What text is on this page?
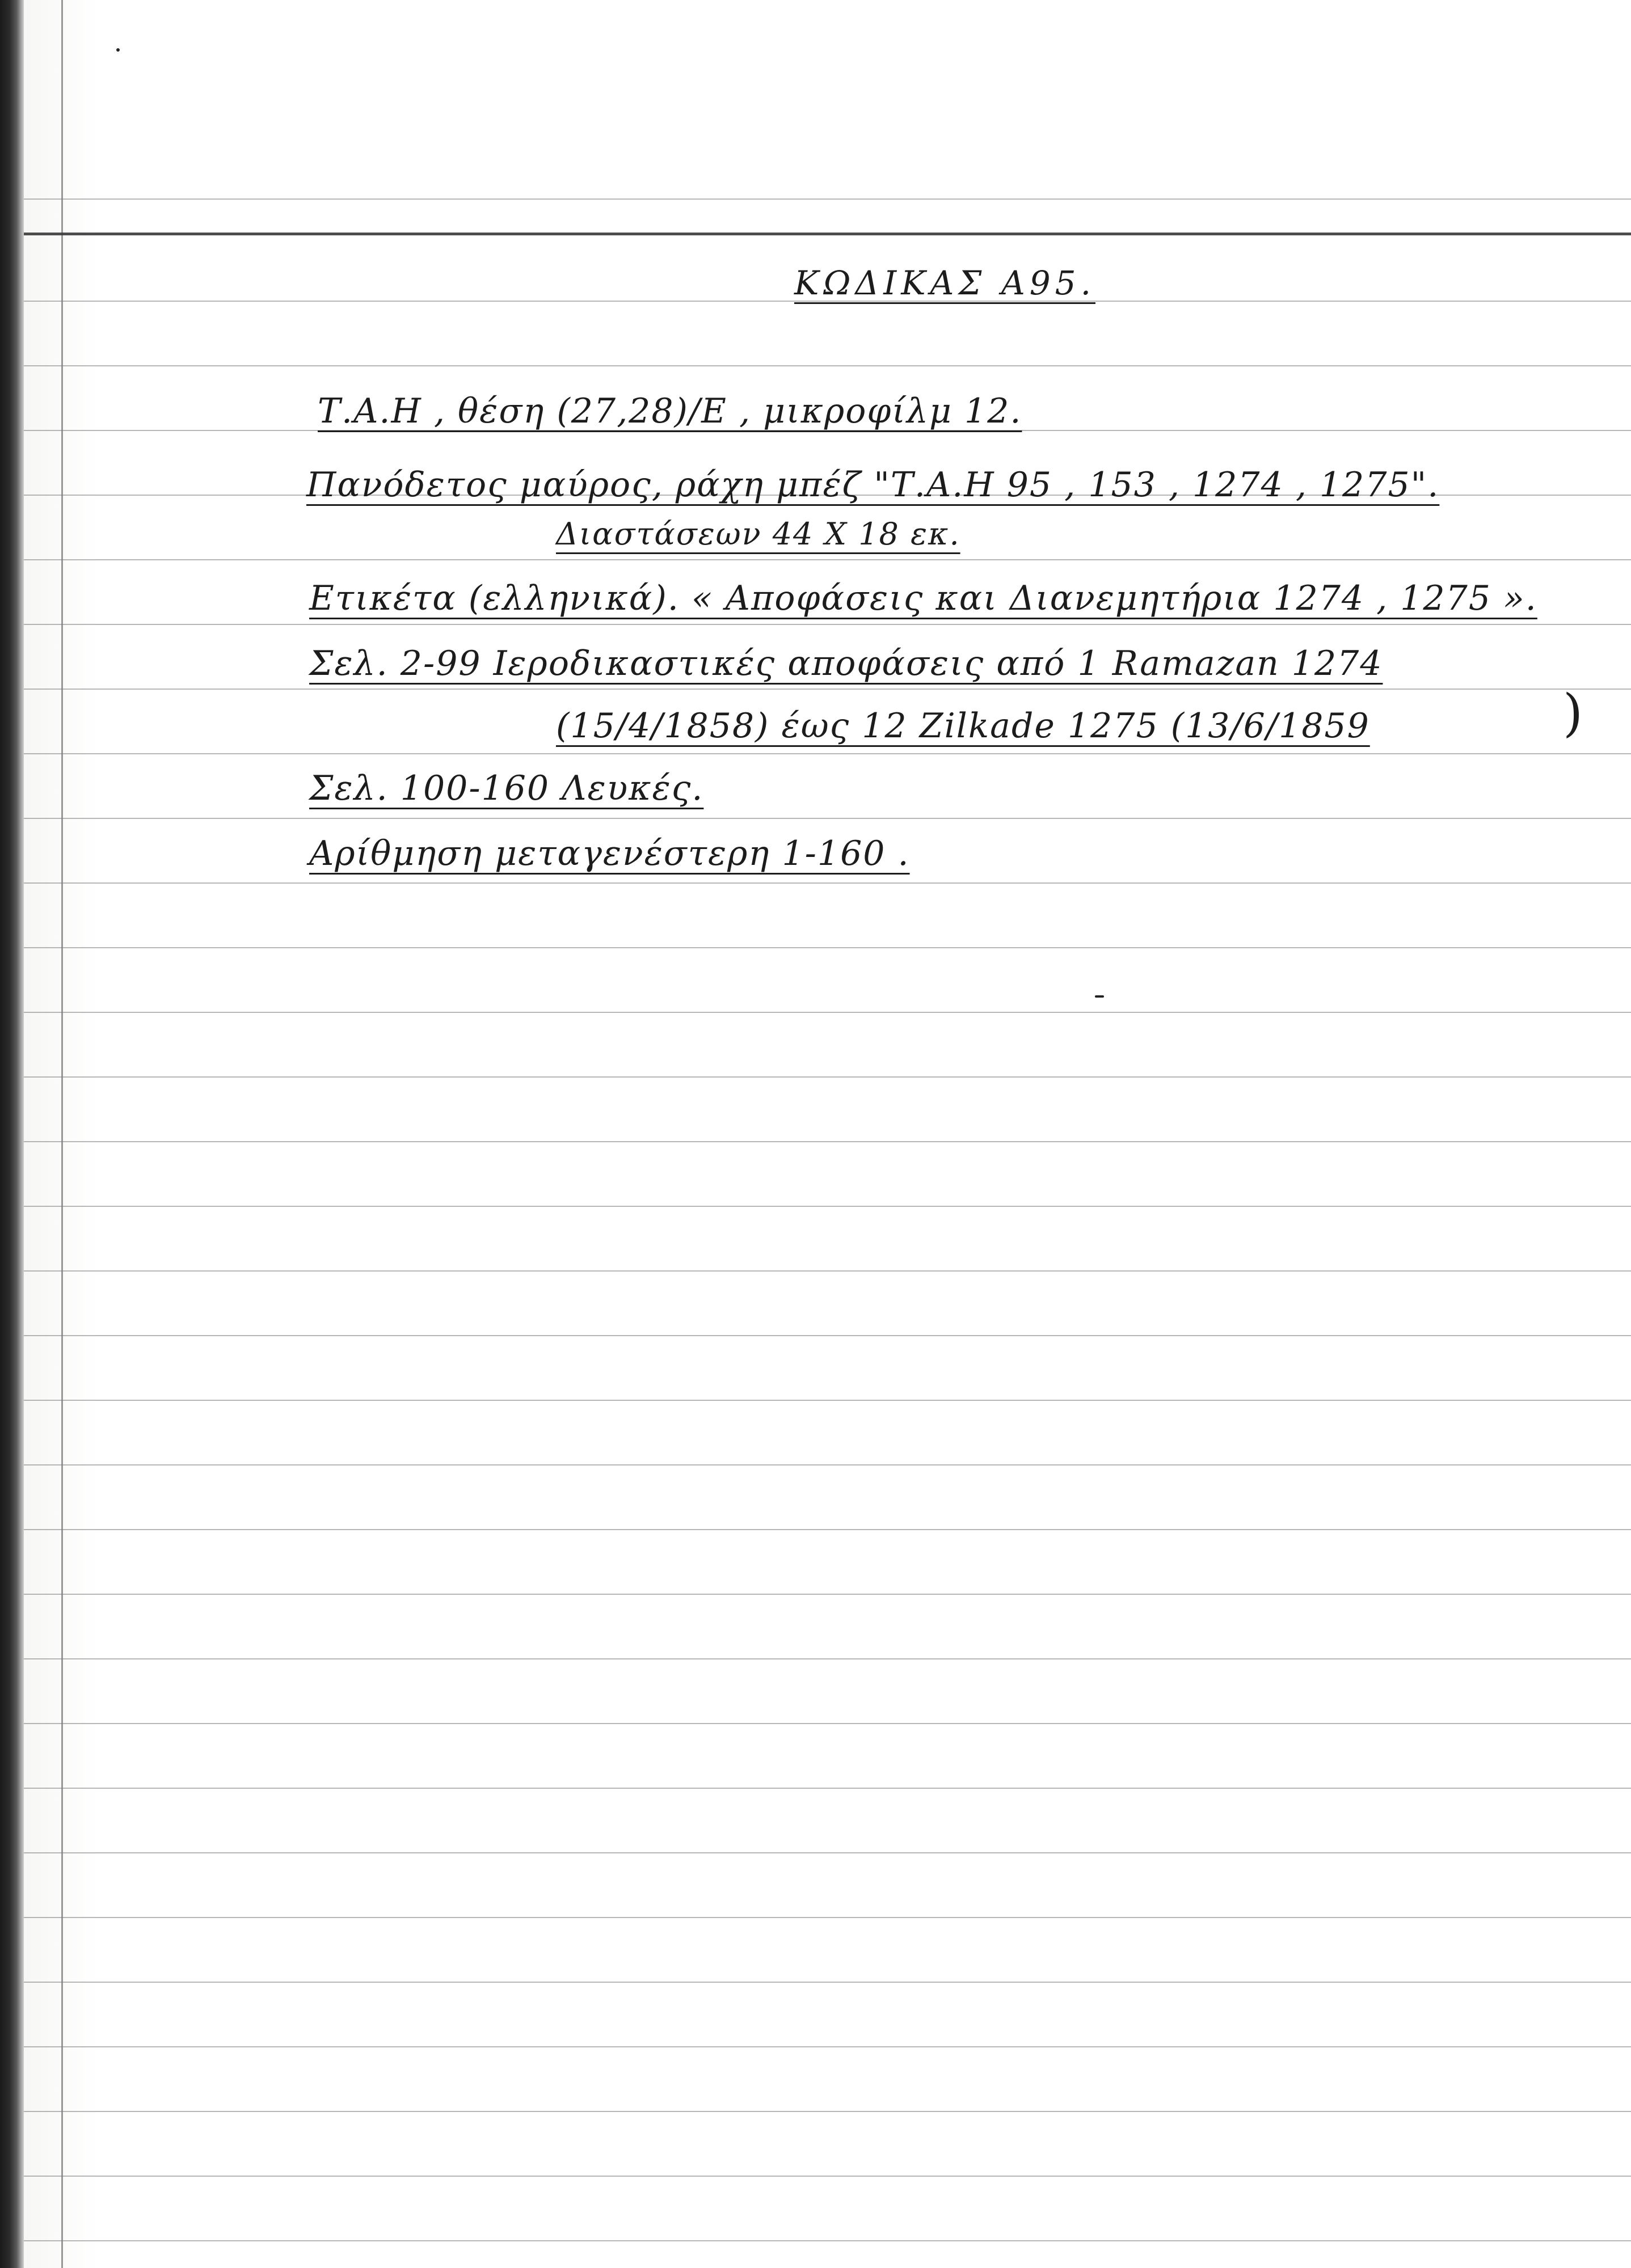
ΚΩΔΙΚΑΣ Α95.
Τ.Α.Η , θέση (27,28)/Ε , μικροφίλμ 12.
Πανόδετος μαύρος, ράχη μπέζ "Τ.Α.Η 95 , 153 , 1274 , 1275".
Διαστάσεων 44 Χ 18 εκ.
Ετικέτα (ελληνικά). « Αποφάσεις και Διανεμητήρια 1274 , 1275 ».
Σελ. 2-99 Ιεροδικαστικές αποφάσεις από 1 Ramazan 1274
(15/4/1858) έως 12 Zilkade 1275 (13/6/1859	)
Σελ. 100-160 Λευκές.
Αρίθμηση μεταγενέστερη 1-160 .
